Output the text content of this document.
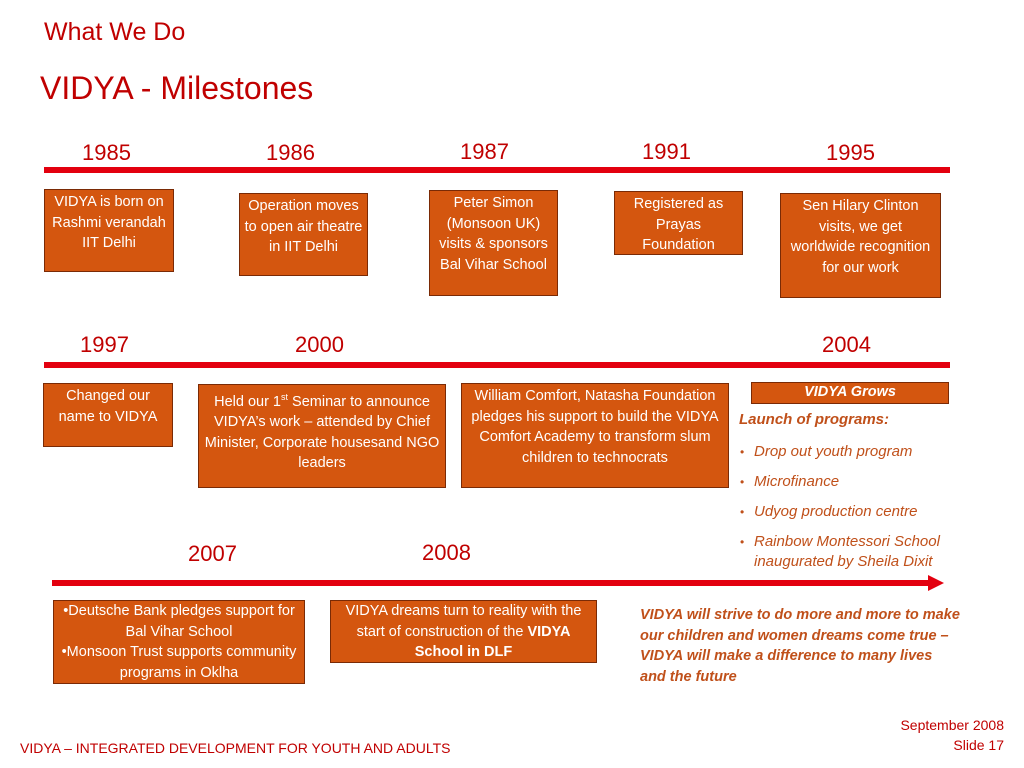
What We Do
VIDYA - Milestones
1985	1986	1987	1991	1995
VIDYA is born on Rashmi verandah IIT Delhi
Operation moves to open air theatre in IIT Delhi
Peter Simon (Monsoon UK) visits & sponsors Bal Vihar School
Registered as Prayas Foundation
Sen Hilary Clinton visits, we get worldwide recognition for our work
1997	2000	2004
Changed our name to VIDYA
Held our 1st Seminar to announce VIDYA’s work – attended by Chief Minister, Corporate housesand NGO leaders
William Comfort, Natasha Foundation pledges his support to build the VIDYA Comfort Academy to transform slum children to technocrats
VIDYA Grows
Launch of programs:
• Drop out youth program
• Microfinance
• Udyog production centre
• Rainbow Montessori School inaugurated by Sheila Dixit
2007	2008
•Deutsche Bank pledges support for Bal Vihar School
•Monsoon Trust supports community programs in Oklha
VIDYA dreams turn to reality with the start of construction of the VIDYA School in DLF
VIDYA will strive to do more and more to make our children and women dreams come true – VIDYA will make a difference to many lives and the future
VIDYA – INTEGRATED DEVELOPMENT FOR YOUTH AND ADULTS
September 2008
Slide 17
